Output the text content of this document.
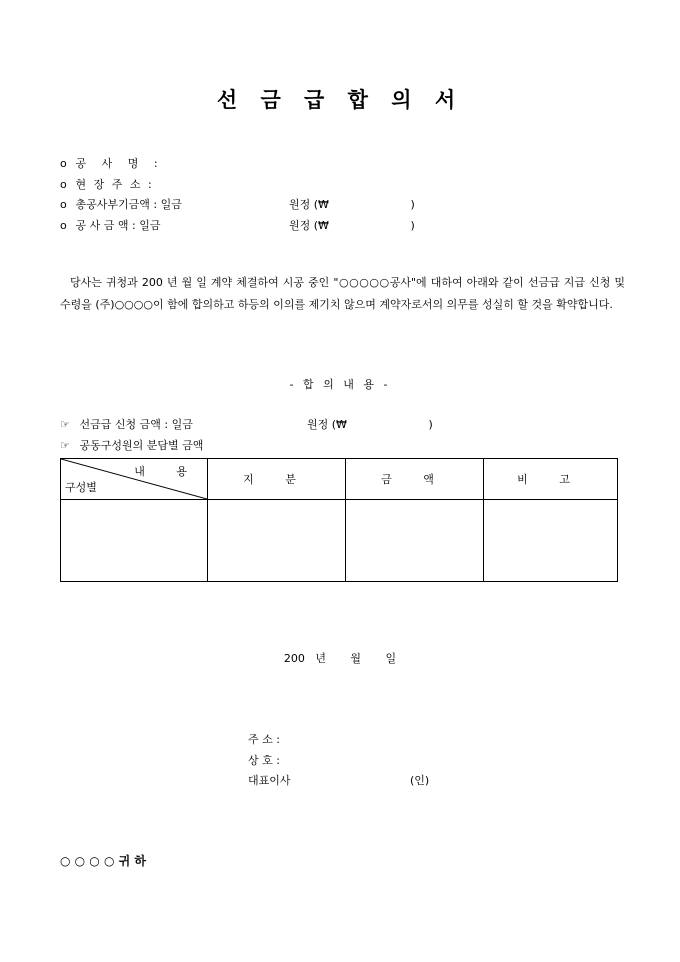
선 금 급 합 의 서
o 공 사 명 :
o 현 장 주 소 :
o 총공사부기금액 : 일금	원정 (₩	)
o 공 사 금 액 : 일금	원정 (₩	)
당사는 귀청과 200 년 월 일 계약 체결하여 시공 중인 "○○○○○공사"에 대하여 아래와 같이 선금급 지급 신청 및 수령을 (주)○○○○이 함에 합의하고 하등의 이의를 제기치 않으며 계약자로서의 의무를 성실히 할 것을 확약합니다.
- 합 의 내 용 -
☞ 선금급 신청 금액 : 일금	원정 (₩	)
☞ 공동구성원의 분담별 금액
내 용
구성별	지 분	금 액	비 고

200   년       월       일
주 소 :
상 호 :
대표이사	(인)
○ ○ ○ ○ 귀 하
